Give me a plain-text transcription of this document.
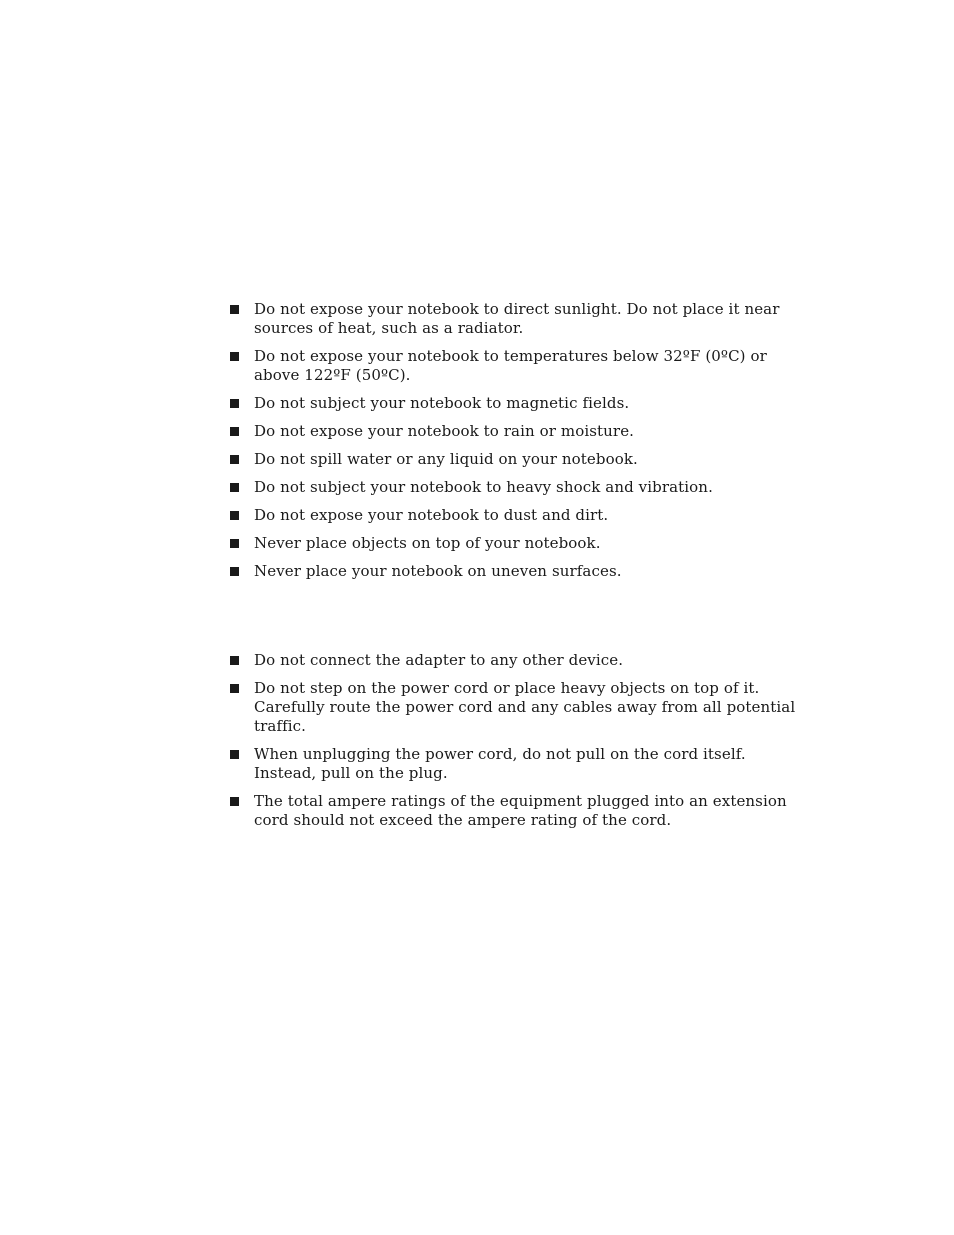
Do not expose your notebook to direct sunlight. Do not place it near sources of heat, such as a radiator.
Do not expose your notebook to temperatures below 32ºF (0ºC) or above 122ºF (50ºC).
Do not subject your notebook to magnetic fields.
Do not expose your notebook to rain or moisture.
Do not spill water or any liquid on your notebook.
Do not subject your notebook to heavy shock and vibration.
Do not expose your notebook to dust and dirt.
Never place objects on top of your notebook.
Never place your notebook on uneven surfaces.
Do not connect the adapter to any other device.
Do not step on the power cord or place heavy objects on top of it. Carefully route the power cord and any cables away from all potential traffic.
When unplugging the power cord, do not pull on the cord itself. Instead, pull on the plug.
The total ampere ratings of the equipment plugged into an extension cord should not exceed the ampere rating of the cord.
